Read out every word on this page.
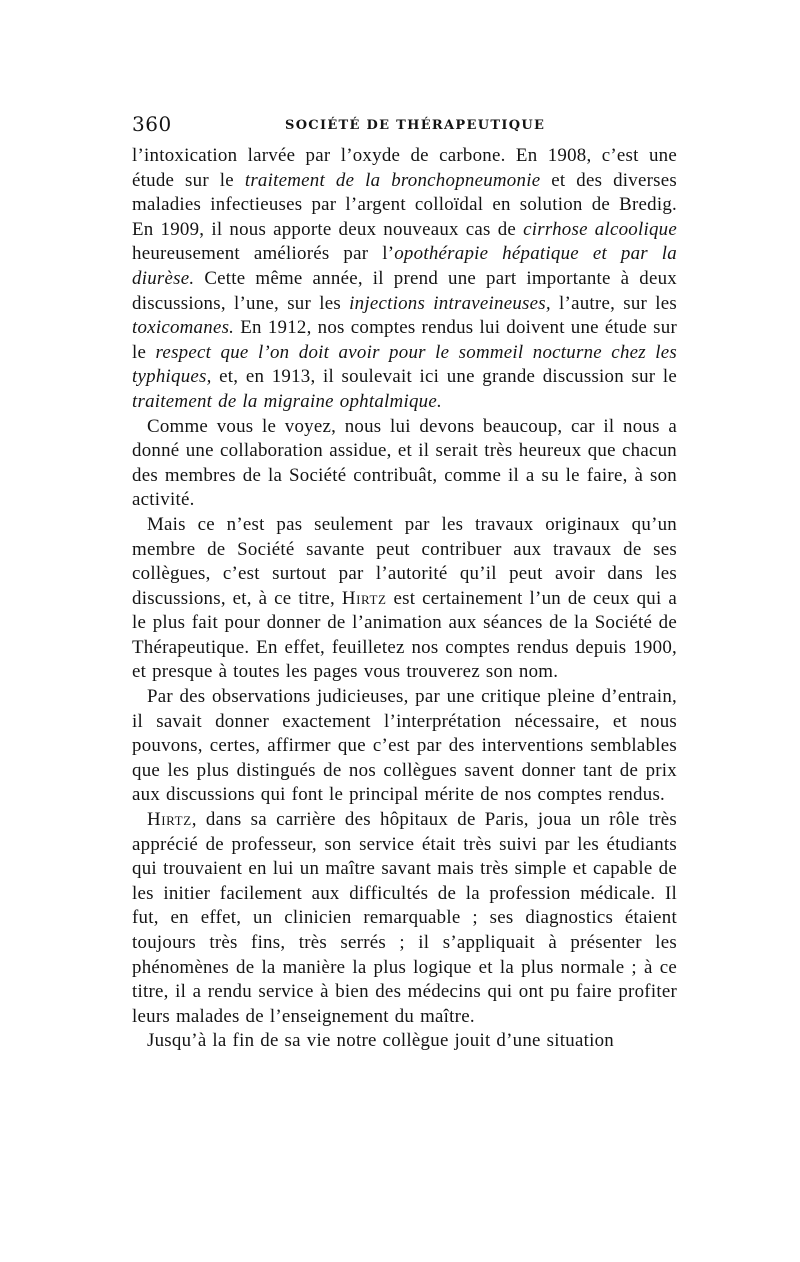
360	SOCIÉTÉ DE THÉRAPEUTIQUE

l’intoxication larvée par l’oxyde de carbone. En 1908, c’est une étude sur le traitement de la bronchopneumonie et des diverses maladies infectieuses par l’argent colloïdal en solution de Bredig. En 1909, il nous apporte deux nouveaux cas de cirrhose alcoolique heureusement améliorés par l’opothérapie hépatique et par la diurèse. Cette même année, il prend une part importante à deux discussions, l’une, sur les injections intraveineuses, l’autre, sur les toxicomanes. En 1912, nos comptes rendus lui doivent une étude sur le respect que l’on doit avoir pour le sommeil nocturne chez les typhiques, et, en 1913, il soulevait ici une grande discussion sur le traitement de la migraine ophtalmique.

Comme vous le voyez, nous lui devons beaucoup, car il nous a donné une collaboration assidue, et il serait très heureux que chacun des membres de la Société contribuât, comme il a su le faire, à son activité.

Mais ce n’est pas seulement par les travaux originaux qu’un membre de Société savante peut contribuer aux travaux de ses collègues, c’est surtout par l’autorité qu’il peut avoir dans les discussions, et, à ce titre, Hirtz est certainement l’un de ceux qui a le plus fait pour donner de l’animation aux séances de la Société de Thérapeutique. En effet, feuilletez nos comptes rendus depuis 1900, et presque à toutes les pages vous trouverez son nom.

Par des observations judicieuses, par une critique pleine d’entrain, il savait donner exactement l’interprétation nécessaire, et nous pouvons, certes, affirmer que c’est par des interventions semblables que les plus distingués de nos collègues savent donner tant de prix aux discussions qui font le principal mérite de nos comptes rendus.

Hirtz, dans sa carrière des hôpitaux de Paris, joua un rôle très apprécié de professeur, son service était très suivi par les étudiants qui trouvaient en lui un maître savant mais très simple et capable de les initier facilement aux difficultés de la profession médicale. Il fut, en effet, un clinicien remarquable ; ses diagnostics étaient toujours très fins, très serrés ; il s’appliquait à présenter les phénomènes de la manière la plus logique et la plus normale ; à ce titre, il a rendu service à bien des médecins qui ont pu faire profiter leurs malades de l’enseignement du maître.

Jusqu’à la fin de sa vie notre collègue jouit d’une situation
